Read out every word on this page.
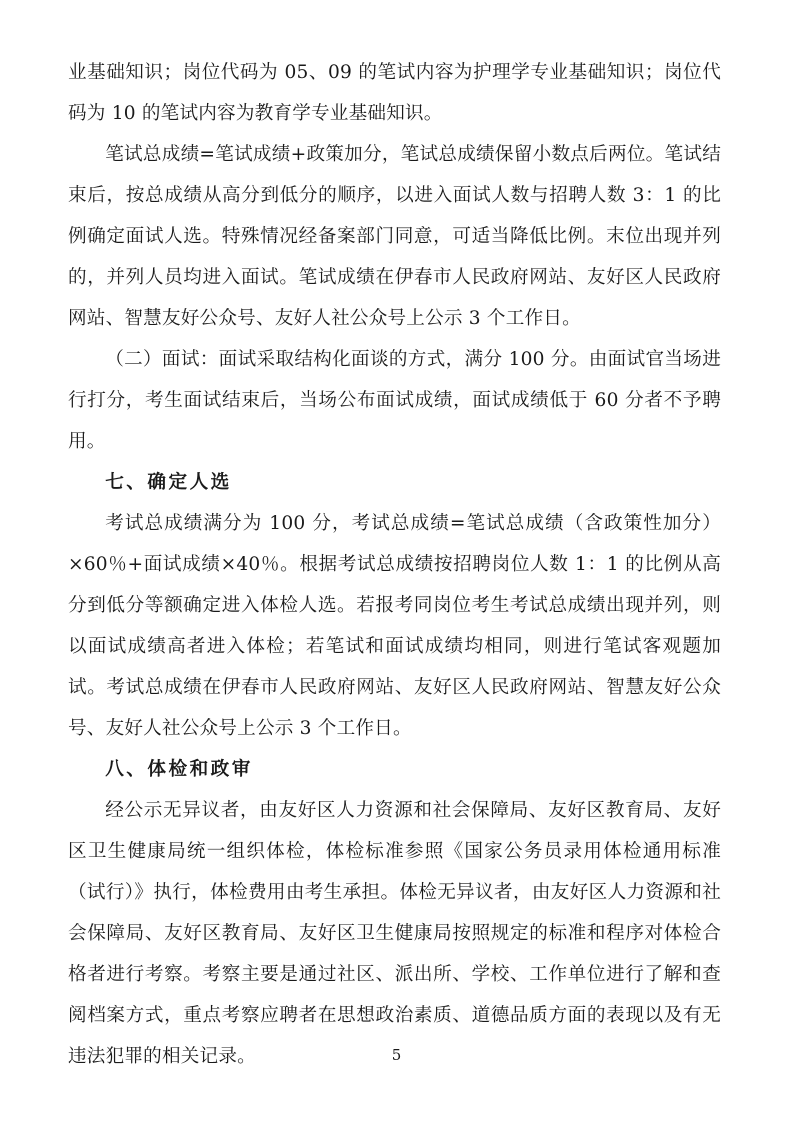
业基础知识；岗位代码为 05、09 的笔试内容为护理学专业基础知识；岗位代码为 10 的笔试内容为教育学专业基础知识。

笔试总成绩=笔试成绩+政策加分，笔试总成绩保留小数点后两位。笔试结束后，按总成绩从高分到低分的顺序，以进入面试人数与招聘人数 3：1 的比例确定面试人选。特殊情况经备案部门同意，可适当降低比例。末位出现并列的，并列人员均进入面试。笔试成绩在伊春市人民政府网站、友好区人民政府网站、智慧友好公众号、友好人社公众号上公示 3 个工作日。

（二）面试：面试采取结构化面谈的方式，满分 100 分。由面试官当场进行打分，考生面试结束后，当场公布面试成绩，面试成绩低于 60 分者不予聘用。

七、确定人选

考试总成绩满分为 100 分，考试总成绩=笔试总成绩（含政策性加分）×60％+面试成绩×40％。根据考试总成绩按招聘岗位人数 1：1 的比例从高分到低分等额确定进入体检人选。若报考同岗位考生考试总成绩出现并列，则以面试成绩高者进入体检；若笔试和面试成绩均相同，则进行笔试客观题加试。考试总成绩在伊春市人民政府网站、友好区人民政府网站、智慧友好公众号、友好人社公众号上公示 3 个工作日。

八、体检和政审

经公示无异议者，由友好区人力资源和社会保障局、友好区教育局、友好区卫生健康局统一组织体检，体检标准参照《国家公务员录用体检通用标准（试行）》执行，体检费用由考生承担。体检无异议者，由友好区人力资源和社会保障局、友好区教育局、友好区卫生健康局按照规定的标准和程序对体检合格者进行考察。考察主要是通过社区、派出所、学校、工作单位进行了解和查阅档案方式，重点考察应聘者在思想政治素质、道德品质方面的表现以及有无违法犯罪的相关记录。	5
